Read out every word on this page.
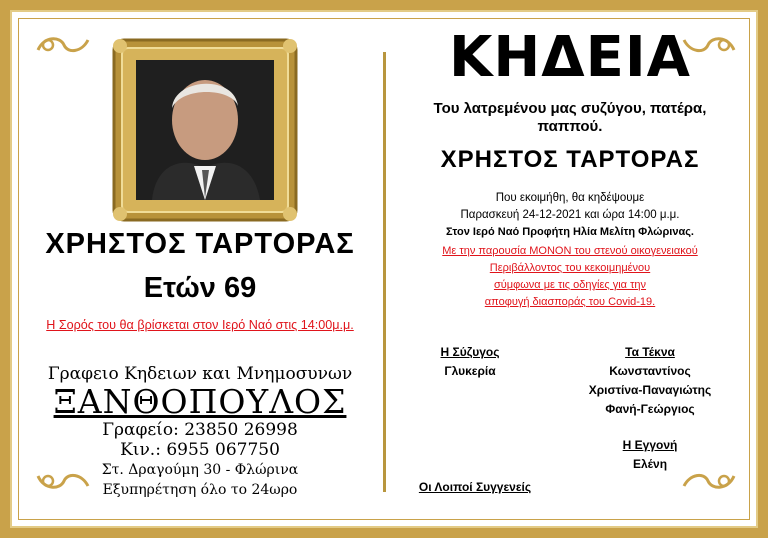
ΧΡΗΣΤΟΣ ΤΑΡΤΟΡΑΣ
Ετών 69
Η Σορός του θα βρίσκεται στον Ιερό Ναό στις 14:00μ.μ.
Γραφειο Κηδειων και Μνημοσυνων
ΞΑΝΘΟΠΟΥΛΟΣ
Γραφείο: 23850 26998
Κιν.: 6955 067750
Στ. Δραγούμη 30 - Φλώρινα
Εξυπηρέτηση όλο το 24ωρο
ΚΗΔΕΙΑ
Του λατρεμένου μας συζύγου, πατέρα,
παππού.
ΧΡΗΣΤΟΣ ΤΑΡΤΟΡΑΣ
Που εκοιμήθη, θα κηδέψουμε
Παρασκευή 24-12-2021 και ώρα 14:00 μ.μ.
Στον Ιερό Ναό Προφήτη Ηλία Μελίτη Φλώρινας.
Με την παρουσία ΜΟΝΟΝ του στενού οικογενειακού
Περιβάλλοντος του κεκοιμημένου
σύμφωνα με τις οδηγίες για την
αποφυγή διασποράς του Covid-19.
Η Σύζυγος
Γλυκερία
Τα Τέκνα
Κωνσταντίνος
Χριστίνα-Παναγιώτης
Φανή-Γεώργιος
Η Εγγονή
Ελένη
Οι Λοιποί Συγγενείς
